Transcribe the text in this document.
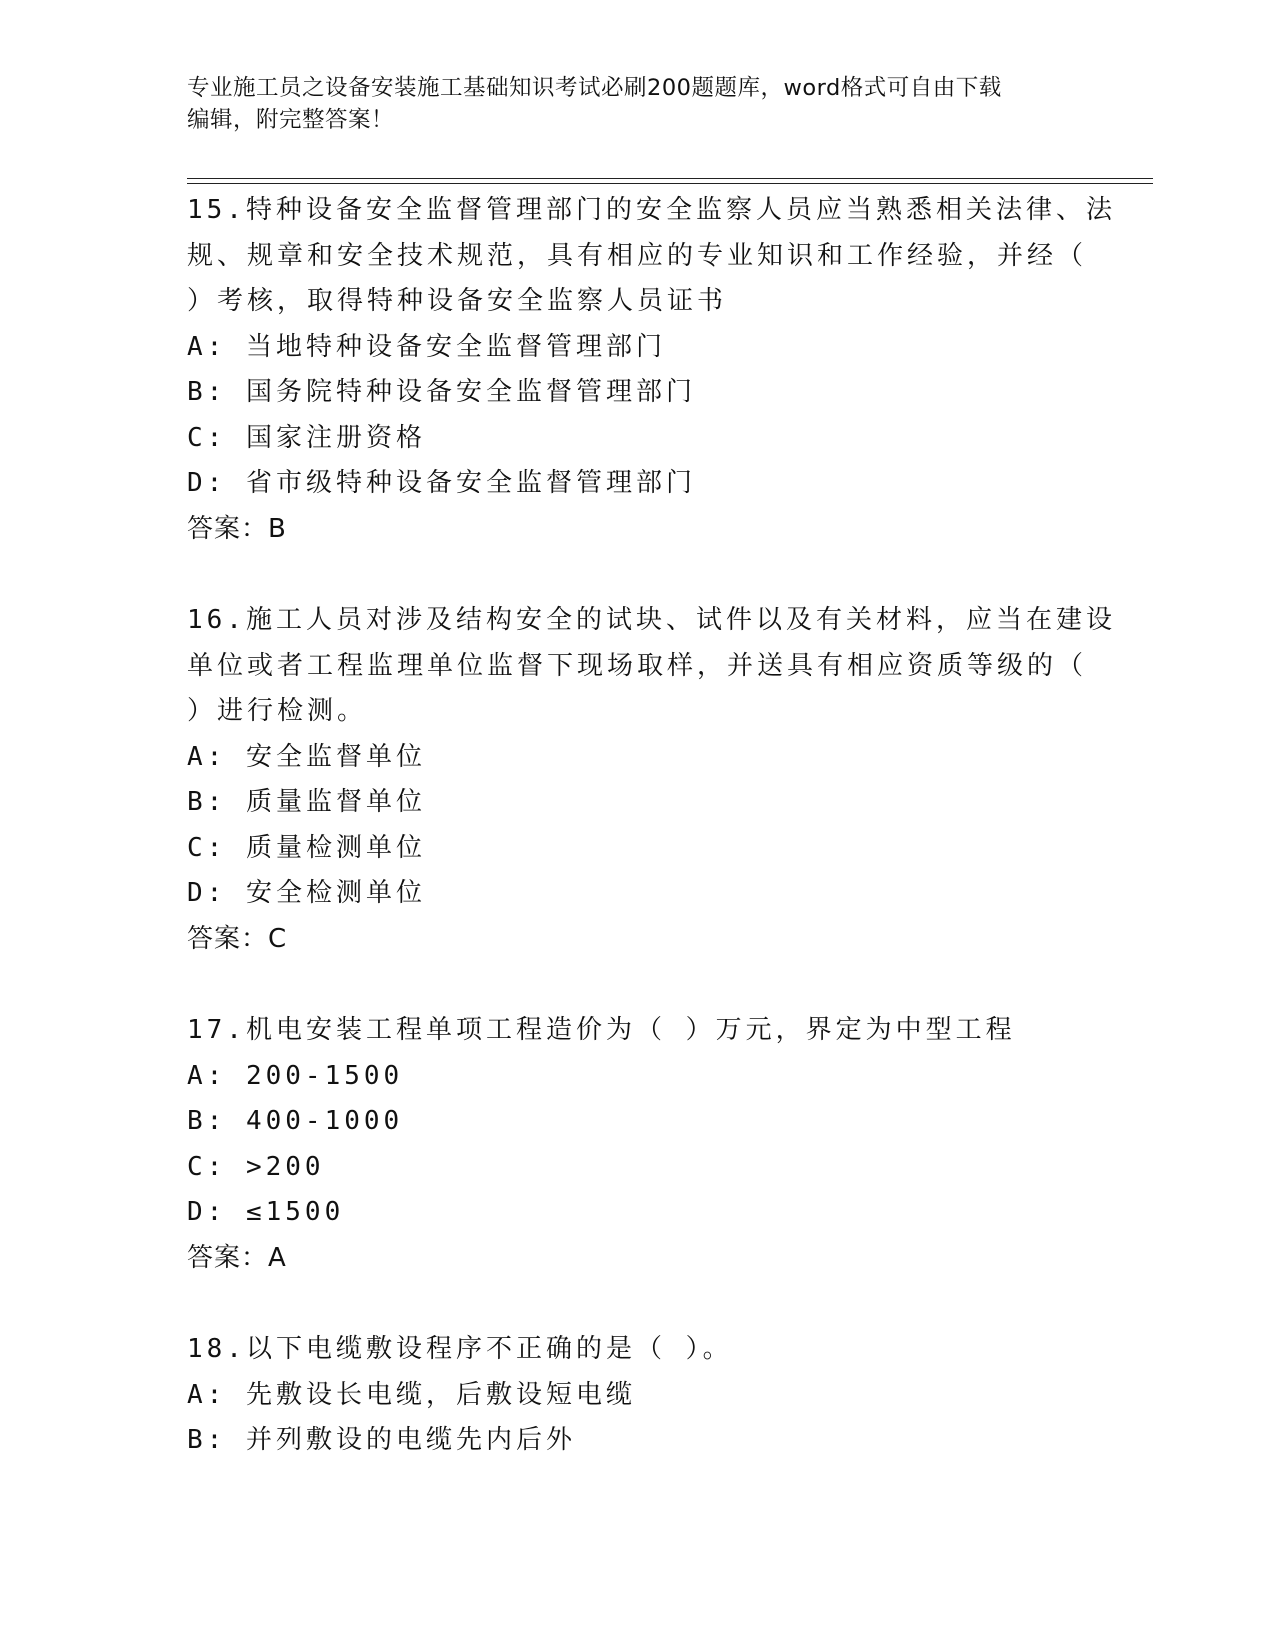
专业施工员之设备安装施工基础知识考试必刷200题题库，word格式可自由下载
编辑，附完整答案！
15.特种设备安全监督管理部门的安全监察人员应当熟悉相关法律、法
规、规章和安全技术规范，具有相应的专业知识和工作经验，并经（
）考核，取得特种设备安全监察人员证书
A: 当地特种设备安全监督管理部门
B: 国务院特种设备安全监督管理部门
C: 国家注册资格
D: 省市级特种设备安全监督管理部门
答案：B
16.施工人员对涉及结构安全的试块、试件以及有关材料，应当在建设
单位或者工程监理单位监督下现场取样，并送具有相应资质等级的（
）进行检测。
A: 安全监督单位
B: 质量监督单位
C: 质量检测单位
D: 安全检测单位
答案：C
17.机电安装工程单项工程造价为（ ）万元，界定为中型工程
A: 200-1500
B: 400-1000
C: >200
D: ≤1500
答案：A
18.以下电缆敷设程序不正确的是（ ）。
A: 先敷设长电缆，后敷设短电缆
B: 并列敷设的电缆先内后外
